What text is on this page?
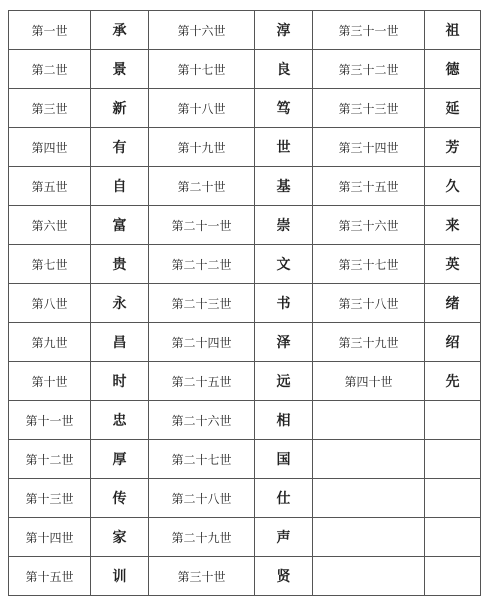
第一世	承	第十六世	淳	第三十一世	祖
第二世	景	第十七世	良	第三十二世	德
第三世	新	第十八世	笃	第三十三世	延
第四世	有	第十九世	世	第三十四世	芳
第五世	自	第二十世	基	第三十五世	久
第六世	富	第二十一世	崇	第三十六世	来
第七世	贵	第二十二世	文	第三十七世	英
第八世	永	第二十三世	书	第三十八世	绪
第九世	昌	第二十四世	泽	第三十九世	绍
第十世	时	第二十五世	远	第四十世	先
第十一世	忠	第二十六世	相		
第十二世	厚	第二十七世	国		
第十三世	传	第二十八世	仕		
第十四世	家	第二十九世	声		
第十五世	训	第三十世	贤		
